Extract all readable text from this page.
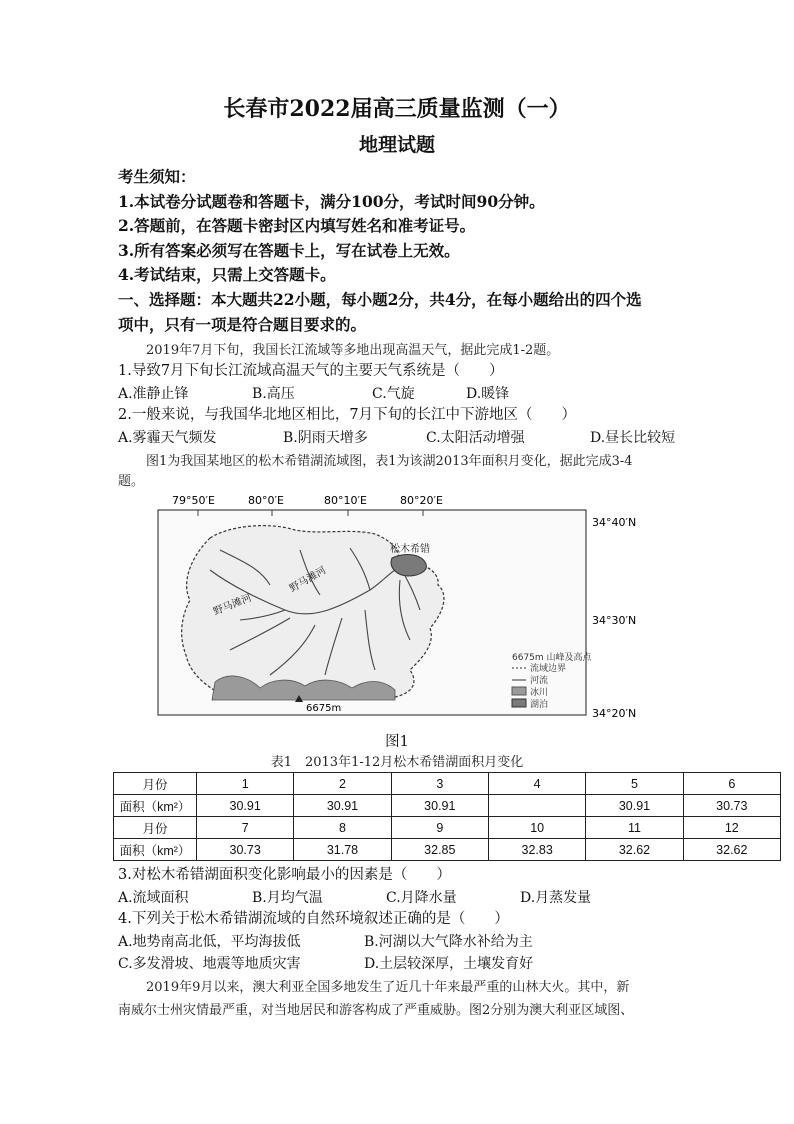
长春市2022届高三质量监测（一）
地理试题
考生须知：
1.本试卷分试题卷和答题卡，满分100分，考试时间90分钟。
2.答题前，在答题卡密封区内填写姓名和准考证号。
3.所有答案必须写在答题卡上，写在试卷上无效。
4.考试结束，只需上交答题卡。
一、选择题：本大题共22小题，每小题2分，共4分，在每小题给出的四个选
项中，只有一项是符合题目要求的。
2019年7月下旬，我国长江流域等多地出现高温天气，据此完成1-2题。
1.导致7月下旬长江流域高温天气的主要天气系统是（　　）
A.准静止锋	B.高压	C.气旋	D.暖锋
2.一般来说，与我国华北地区相比，7月下旬的长江中下游地区（　　）
A.雾霾天气频发	B.阴雨天增多	C.太阳活动增强	D.昼长比较短
图1为我国某地区的松木希错湖流域图，表1为该湖2013年面积月变化，据此完成3-4
题。
79°50′E	80°0′E	80°10′E	80°20′E
34°40′N
34°30′N
34°20′N
松木希错
野马滩河
野马滩河
6675m
6675m 山峰及高点
流域边界
河流
冰川
湖泊
图1
表1　2013年1-12月松木希错湖面积月变化
月份	1	2	3	4	5	6
面积（km²）	30.91	30.91	30.91		30.91	30.73
月份	7	8	9	10	11	12
面积（km²）	30.73	31.78	32.85	32.83	32.62	32.62
3.对松木希错湖面积变化影响最小的因素是（　　）
A.流域面积	B.月均气温	C.月降水量	D.月蒸发量
4.下列关于松木希错湖流域的自然环境叙述正确的是（　　）
A.地势南高北低，平均海拔低	B.河湖以大气降水补给为主
C.多发滑坡、地震等地质灾害	D.土层较深厚，土壤发育好
2019年9月以来，澳大利亚全国多地发生了近几十年来最严重的山林大火。其中，新
南威尔士州灾情最严重，对当地居民和游客构成了严重威胁。图2分别为澳大利亚区域图、
